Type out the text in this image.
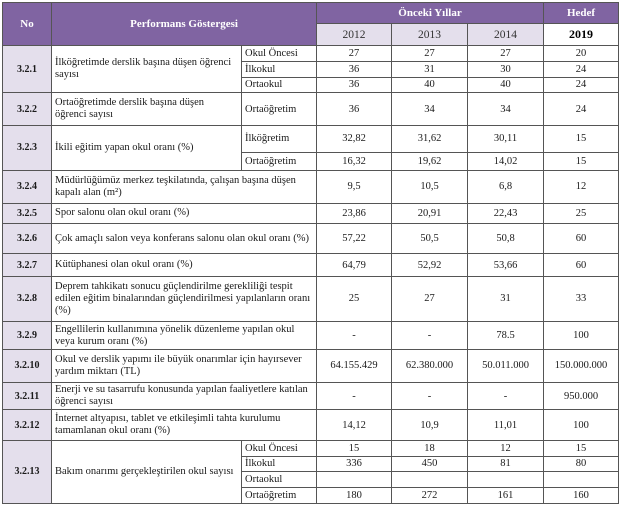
No	Performans Göstergesi		Önceki Yıllar			Hedef
			2012	2013	2014	2019
3.2.1	İlköğretimde derslik başına düşen öğrenci sayısı	Okul Öncesi	27	27	27	20
		İlkokul	36	31	30	24
		Ortaokul	36	40	40	24
3.2.2	Ortaöğretimde derslik başına düşen öğrenci sayısı	Ortaöğretim	36	34	34	24
3.2.3	İkili eğitim yapan okul oranı (%)	İlköğretim	32,82	31,62	30,11	15
		Ortaöğretim	16,32	19,62	14,02	15
3.2.4	Müdürlüğümüz merkez teşkilatında, çalışan başına düşen kapalı alan (m²)		9,5	10,5	6,8	12
3.2.5	Spor salonu olan okul oranı (%)		23,86	20,91	22,43	25
3.2.6	Çok amaçlı salon veya konferans salonu olan okul oranı (%)		57,22	50,5	50,8	60
3.2.7	Kütüphanesi olan okul oranı (%)		64,79	52,92	53,66	60
3.2.8	Deprem tahkikatı sonucu güçlendirilme gerekliliği tespit edilen eğitim binalarından güçlendirilmesi yapılanların oranı (%)		25	27	31	33
3.2.9	Engellilerin kullanımına yönelik düzenleme yapılan okul veya kurum oranı (%)		-	-	78.5	100
3.2.10	Okul ve derslik yapımı ile büyük onarımlar için hayırsever yardım miktarı (TL)		64.155.429	62.380.000	50.011.000	150.000.000
3.2.11	Enerji ve su tasarrufu konusunda yapılan faaliyetlere katılan öğrenci sayısı		-	-	-	950.000
3.2.12	İnternet altyapısı, tablet ve etkileşimli tahta kurulumu tamamlanan okul oranı (%)		14,12	10,9	11,01	100
3.2.13	Bakım onarımı gerçekleştirilen okul sayısı	Okul Öncesi	15	18	12	15
		İlkokul	336	450	81	80
		Ortaokul				
		Ortaöğretim	180	272	161	160
